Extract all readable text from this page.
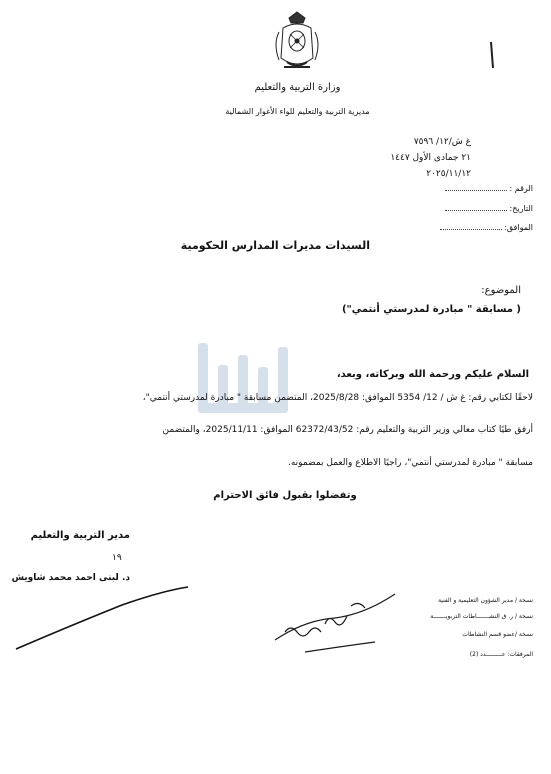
وزارة التربية والتعليم
مديرية التربية والتعليم للواء الأغوار الشمالية
غ ش/١٢/ ٧٥٩٦
٢١ جمادى الأول ١٤٤٧
٢٠٢٥/١١/١٢
الرقم :
التاريخ:
الموافق:
السيدات مديرات المدارس الحكومية
الموضوع:
( مسابقة " مبادرة لمدرستي أنتمي")
السلام عليكم ورحمة الله وبركاته، وبعد،
لاحقًا لكتابي رقم: غ ش / 12/ 5354 الموافق: 2025/8/28، المتضمن مسابقة " مبادرة لمدرستي أنتمي"،
أرفق طيًا كتاب معالي وزير التربية والتعليم رقم: 62372/43/52 الموافق: 2025/11/11، والمتضمن
مسابقة " مبادرة لمدرستي أنتمي"، راجيًا الاطلاع والعمل بمضمونه.
وتفضلوا بقبول فائق الاحترام
مدير التربية والتعليم
١٩
د. لبنى احمد محمد شاويش
نسخة / مدير الشؤون التعليمية و الفنية
نسخة / ر. ق النشـــــــاطات التربويـــــــة
نسخة /عضو قسم النشاطات
المرفقات: عـــــــــدد (2)
